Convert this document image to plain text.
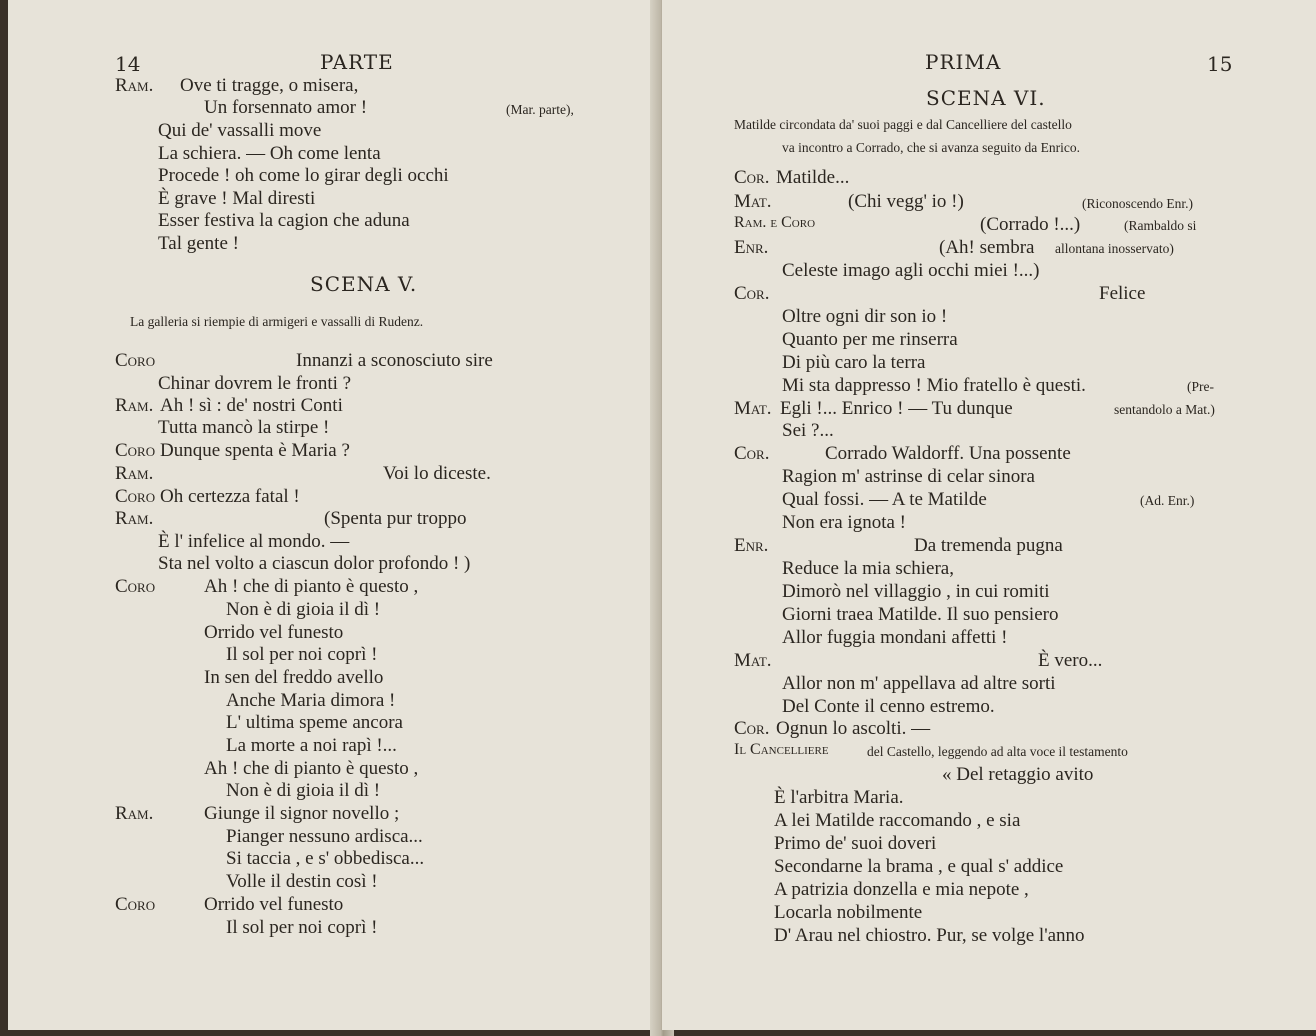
14	PARTE
Ram. Ove ti tragge, o misera,
Un forsennato amor !	(Mar. parte),
Qui de' vassalli move
La schiera. — Oh come lenta
Procede ! oh come lo girar degli occhi
È grave ! Mal diresti
Esser festiva la cagion che aduna
Tal gente !
SCENA V.
La galleria si riempie di armigeri e vassalli di Rudenz.
Coro	Innanzi a sconosciuto sire
Chinar dovrem le fronti ?
Ram. Ah ! sì : de' nostri Conti
Tutta mancò la stirpe !
Coro Dunque spenta è Maria ?
Ram.	Voi lo diceste.
Coro Oh certezza fatal !
Ram.	(Spenta pur troppo
È l' infelice al mondo. —
Sta nel volto a ciascun dolor profondo ! )
Coro	Ah ! che di pianto è questo ,
Non è di gioia il dì !
Orrido vel funesto
Il sol per noi coprì !
In sen del freddo avello
Anche Maria dimora !
L' ultima speme ancora
La morte a noi rapì !...
Ah ! che di pianto è questo ,
Non è di gioia il dì !
Ram.	Giunge il signor novello ;
Pianger nessuno ardisca...
Si taccia , e s' obbedisca...
Volle il destin così !
Coro	Orrido vel funesto
Il sol per noi coprì !
PRIMA	15
SCENA VI.
Matilde circondata da' suoi paggi e dal Cancelliere del castello
va incontro a Corrado, che si avanza seguito da Enrico.
Cor. Matilde...
Mat.	(Chi vegg' io !)	(Riconoscendo Enr.)
Ram. e Coro	(Corrado !...)	(Rambaldo si
Enr.	(Ah! sembra allontana inosservato)
Celeste imago agli occhi miei !...)
Cor.	Felice
Oltre ogni dir son io !
Quanto per me rinserra
Di più caro la terra
Mi sta dappresso ! Mio fratello è questi.	(Pre-
Mat. Egli !... Enrico ! — Tu dunque	sentandolo a Mat.)
Sei ?...
Cor.	Corrado Waldorff. Una possente
Ragion m' astrinse di celar sinora
Qual fossi. — A te Matilde	(Ad. Enr.)
Non era ignota !
Enr.	Da tremenda pugna
Reduce la mia schiera,
Dimorò nel villaggio , in cui romiti
Giorni traea Matilde. Il suo pensiero
Allor fuggia mondani affetti !
Mat.	È vero...
Allor non m' appellava ad altre sorti
Del Conte il cenno estremo.
Cor. Ognun lo ascolti. —
Il Cancelliere	del Castello, leggendo ad alta voce il testamento
« Del retaggio avito
È l'arbitra Maria.
A lei Matilde raccomando , e sia
Primo de' suoi doveri
Secondarne la brama , e qual s' addice
A patrizia donzella e mia nepote ,
Locarla nobilmente
D' Arau nel chiostro. Pur, se volge l'anno
